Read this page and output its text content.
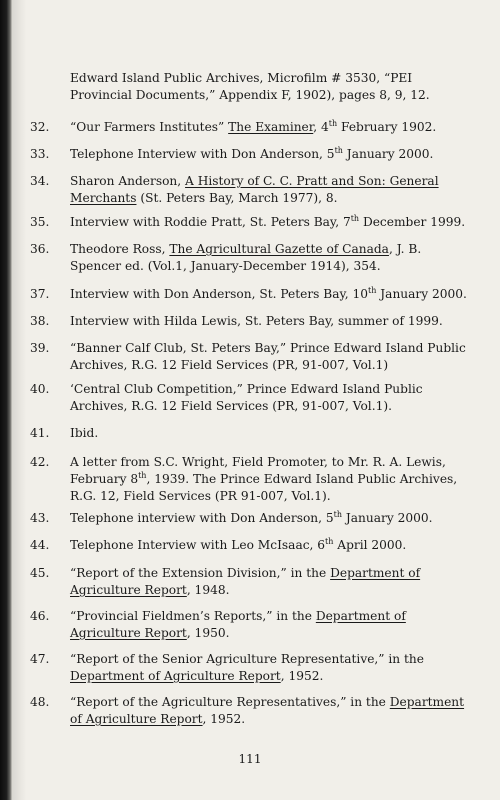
Edward Island Public Archives, Microfilm # 3530, “PEI Provincial Documents,” Appendix F, 1902), pages 8, 9, 12.
32.	“Our Farmers Institutes” The Examiner, 4th February 1902.
33.	Telephone Interview with Don Anderson, 5th January 2000.
34.	Sharon Anderson, A History of C. C. Pratt and Son: General Merchants (St. Peters Bay, March 1977), 8.
35.	Interview with Roddie Pratt, St. Peters Bay, 7th December 1999.
36.	Theodore Ross, The Agricultural Gazette of Canada, J. B. Spencer ed. (Vol.1, January-December 1914), 354.
37.	Interview with Don Anderson, St. Peters Bay, 10th January 2000.
38.	Interview with Hilda Lewis, St. Peters Bay, summer of 1999.
39.	“Banner Calf Club, St. Peters Bay,” Prince Edward Island Public Archives, R.G. 12 Field Services (PR, 91-007, Vol.1)
40.	‘Central Club Competition,” Prince Edward Island Public Archives, R.G. 12 Field Services (PR, 91-007, Vol.1).
41.	Ibid.
42.	A letter from S.C. Wright, Field Promoter, to Mr. R. A. Lewis, February 8th, 1939. The Prince Edward Island Public Archives, R.G. 12, Field Services (PR 91-007, Vol.1).
43.	Telephone interview with Don Anderson, 5th January 2000.
44.	Telephone Interview with Leo McIsaac, 6th April 2000.
45.	“Report of the Extension Division,” in the Department of Agriculture Report, 1948.
46.	“Provincial Fieldmen’s Reports,” in the Department of Agriculture Report, 1950.
47.	“Report of the Senior Agriculture Representative,” in the Department of Agriculture Report, 1952.
48.	“Report of the Agriculture Representatives,” in the Department of Agriculture Report, 1952.
111
